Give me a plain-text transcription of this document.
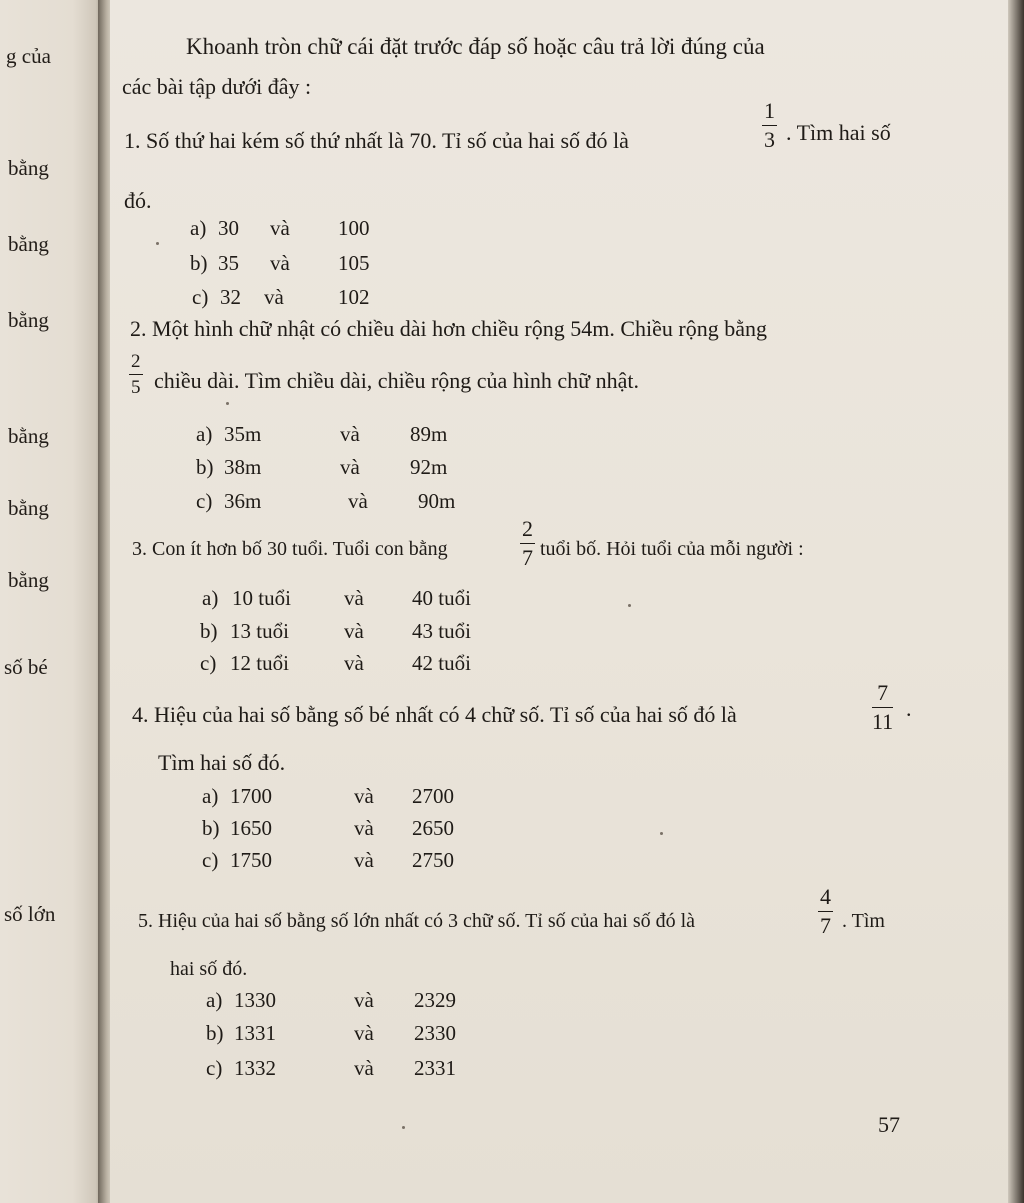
g của
bằng
bằng
bằng
bằng
bằng
bằng
số bé
số lớn
Khoanh tròn chữ cái đặt trước đáp số hoặc câu trả lời đúng của
các bài tập dưới đây :
1. Số thứ hai kém số thứ nhất là 70. Tỉ số của hai số đó là	$\frac{1}{3}$ . Tìm hai số
đó.
a) 30 và 100
b) 35 và 105
c) 32 và	102
2. Một hình chữ nhật có chiều dài hơn chiều rộng 54m. Chiều rộng bằng
$\frac{2}{5}$ chiều dài. Tìm chiều dài, chiều rộng của hình chữ nhật.
a) 35m	và 89m
b) 38m	và 92m
c) 36m	và 90m
3. Con ít hơn bố 30 tuổi. Tuổi con bằng	$\frac{2}{7}$ tuổi bố. Hỏi tuổi của mỗi người :
a) 10 tuổi	và 40 tuổi
b) 13 tuổi	và 43 tuổi
c) 12 tuổi	và 42 tuổi
4. Hiệu của hai số bằng số bé nhất có 4 chữ số. Tỉ số của hai số đó là	$\frac{7}{11}$ .
Tìm hai số đó.
a) 1700	và 2700
b) 1650	và 2650
c) 1750	và 2750
5. Hiệu của hai số bằng số lớn nhất có 3 chữ số. Tỉ số của hai số đó là	$\frac{4}{7}$ . Tìm
hai số đó.
a) 1330	và 2329
b) 1331	và 2330
c) 1332	và 2331
57
